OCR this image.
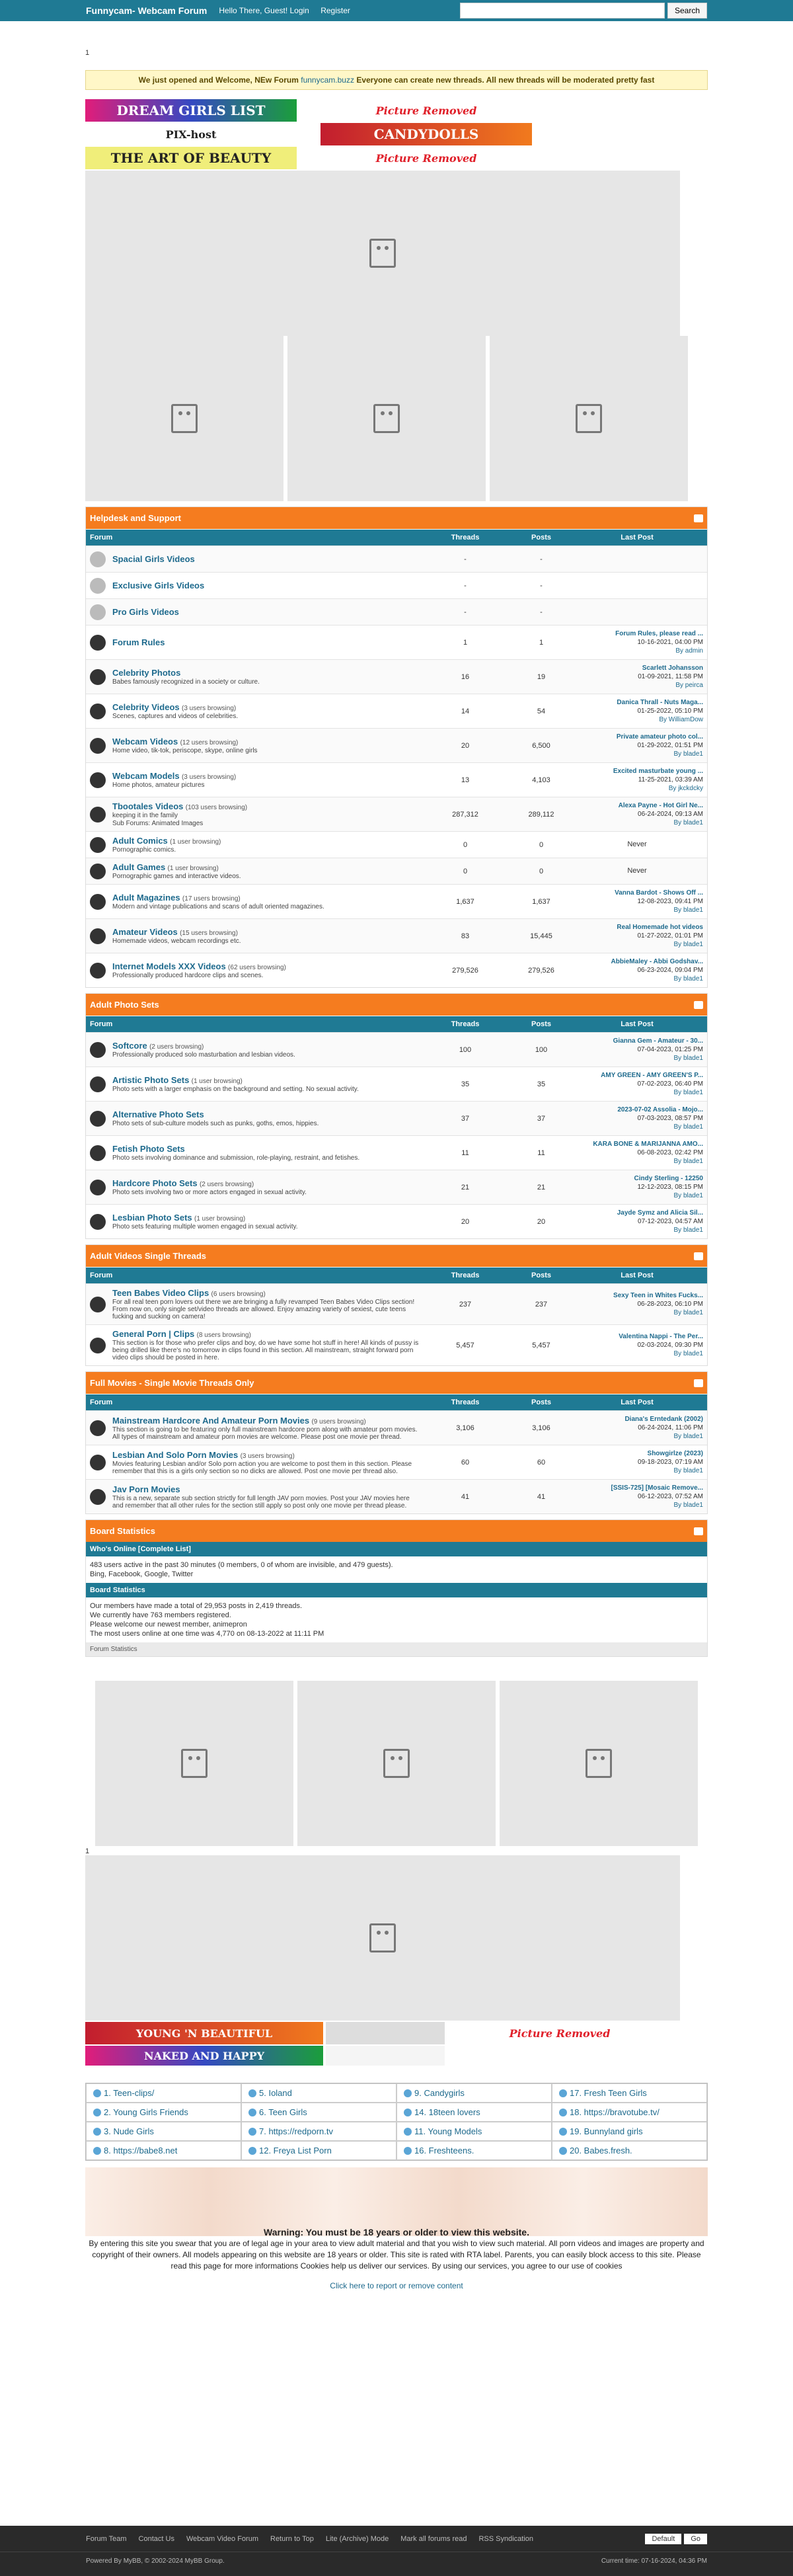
Funnycam- Webcam Forum Hello There, Guest! Login Register	Search
1
We just opened and Welcome, NEw Forum funnycam.buzz Everyone can create new threads. All new threads will be moderated pretty fast
DREAM GIRLS LIST	Picture Removed
PIX-host	CANDYDOLLS
THE ART OF BEAUTY	Picture Removed
Helpdesk and Support
Forum	Threads	Posts	Last Post
Spacial Girls Videos	-	-
Exclusive Girls Videos	-	-
Pro Girls Videos	-	-
Forum Rules	1	1
Forum Rules, please read ...
10-16-2021, 04:00 PM
By admin
Celebrity Photos
Babes famously recognized in a society or culture.
16	19
Scarlett Johansson
01-09-2021, 11:58 PM
By peirca
Celebrity Videos (3 users browsing)
Scenes, captures and videos of celebrities.
14	54
Danica Thrall - Nuts Maga...
01-25-2022, 05:10 PM
By WilliamDow
Webcam Videos (12 users browsing)
Home video, tik-tok, periscope, skype, online girls
20	6,500
Private amateur photo col...
01-29-2022, 01:51 PM
By blade1
Webcam Models (3 users browsing)
Home photos, amateur pictures
13	4,103
Excited masturbate young ...
11-25-2021, 03:39 AM
By jkckdcky
Tbootales Videos (103 users browsing)
keeping it in the family
Sub Forums: Animated Images
287,312	289,112
Alexa Payne - Hot Girl Ne...
06-24-2024, 09:13 AM
By blade1
Adult Comics (1 user browsing)
Pornographic comics.
0	0	Never
Adult Games (1 user browsing)
Pornographic games and interactive videos.
0	0	Never
Adult Magazines (17 users browsing)
Modern and vintage publications and scans of adult oriented magazines.
1,637	1,637
Vanna Bardot - Shows Off ...
12-08-2023, 09:41 PM
By blade1
Amateur Videos (15 users browsing)
Homemade videos, webcam recordings etc.
83	15,445
Real Homemade hot videos
01-27-2022, 01:01 PM
By blade1
Internet Models XXX Videos (62 users browsing)
Professionally produced hardcore clips and scenes.
279,526	279,526
AbbieMaley - Abbi Godshav...
06-23-2024, 09:04 PM
By blade1
Adult Photo Sets
Forum	Threads	Posts	Last Post
Softcore (2 users browsing)
Professionally produced solo masturbation and lesbian videos.
100	100
Gianna Gem - Amateur - 30...
07-04-2023, 01:25 PM
By blade1
Artistic Photo Sets (1 user browsing)
Photo sets with a larger emphasis on the background and setting. No sexual activity.
35	35
AMY GREEN - AMY GREEN'S P...
07-02-2023, 06:40 PM
By blade1
Alternative Photo Sets
Photo sets of sub-culture models such as punks, goths, emos, hippies.
37	37
2023-07-02 Assolia - Mojo...
07-03-2023, 08:57 PM
By blade1
Fetish Photo Sets
Photo sets involving dominance and submission, role-playing, restraint, and fetishes.
11	11
KARA BONE & MARIJANNA AMO...
06-08-2023, 02:42 PM
By blade1
Hardcore Photo Sets (2 users browsing)
Photo sets involving two or more actors engaged in sexual activity.
21	21
Cindy Sterling - 12250
12-12-2023, 08:15 PM
By blade1
Lesbian Photo Sets (1 user browsing)
Photo sets featuring multiple women engaged in sexual activity.
20	20
Jayde Symz and Alicia Sil...
07-12-2023, 04:57 AM
By blade1
Adult Videos Single Threads
Forum	Threads	Posts	Last Post
Teen Babes Video Clips (6 users browsing)
For all real teen porn lovers out there we are bringing a fully revamped Teen Babes Video Clips section! From now on, only single set/video threads are allowed. Enjoy amazing variety of sexiest, cute teens fucking and sucking on camera!
237	237
Sexy Teen in Whites Fucks...
06-28-2023, 06:10 PM
By blade1
General Porn | Clips (8 users browsing)
This section is for those who prefer clips and boy, do we have some hot stuff in here! All kinds of pussy is being drilled like there's no tomorrow in clips found in this section. All mainstream, straight forward porn video clips should be posted in here.
5,457	5,457
Valentina Nappi - The Per...
02-03-2024, 09:30 PM
By blade1
Full Movies - Single Movie Threads Only
Forum	Threads	Posts	Last Post
Mainstream Hardcore And Amateur Porn Movies (9 users browsing)
This section is going to be featuring only full mainstream hardcore porn along with amateur porn movies. All types of mainstream and amateur porn movies are welcome. Please post one movie per thread.
3,106	3,106
Diana's Erntedank (2002)
06-24-2024, 11:06 PM
By blade1
Lesbian And Solo Porn Movies (3 users browsing)
Movies featuring Lesbian and/or Solo porn action you are welcome to post them in this section. Please remember that this is a girls only section so no dicks are allowed. Post one movie per thread also.
60	60
Showgirlze (2023)
09-18-2023, 07:19 AM
By blade1
Jav Porn Movies
This is a new, separate sub section strictly for full length JAV porn movies. Post your JAV movies here and remember that all other rules for the section still apply so post only one movie per thread please.
41	41
[SSIS-725] [Mosaic Remove...
06-12-2023, 07:52 AM
By blade1
Board Statistics
Who's Online [Complete List]
483 users active in the past 30 minutes (0 members, 0 of whom are invisible, and 479 guests).
Bing, Facebook, Google, Twitter
Board Statistics
Our members have made a total of 29,953 posts in 2,419 threads.
We currently have 763 members registered.
Please welcome our newest member, animepron
The most users online at one time was 4,770 on 08-13-2022 at 11:11 PM
Forum Statistics
1
YOUNG 'N BEAUTIFUL	Picture Removed
NAKED AND HAPPY
1. Teen-clips/	5. Ioland	9. Candygirls	17. Fresh Teen Girls
2. Young Girls Friends	6. Teen Girls	14. 18teen lovers	18. https://bravotube.tv/
3. Nude Girls	7. https://redporn.tv	11. Young Models	19. Bunnyland girls
8. https://babe8.net	12. Freya List Porn	16. Freshteens.	20. Babes.fresh.
Warning: You must be 18 years or older to view this website.

By entering this site you swear that you are of legal age in your area to view adult material and that you wish to view such material. All porn videos and images are property and copyright of their owners. All models appearing on this website are 18 years or older. This site is rated with RTA label. Parents, you can easily block access to this site. Please read this page for more informations Cookies help us deliver our services. By using our services, you agree to our use of cookies

Click here to report or remove content
Forum Team Contact Us Webcam Video Forum Return to Top Lite (Archive) Mode Mark all forums read RSS Syndication	Default	Go
Powered By MyBB, © 2002-2024 MyBB Group.	Current time: 07-16-2024, 04:36 PM
